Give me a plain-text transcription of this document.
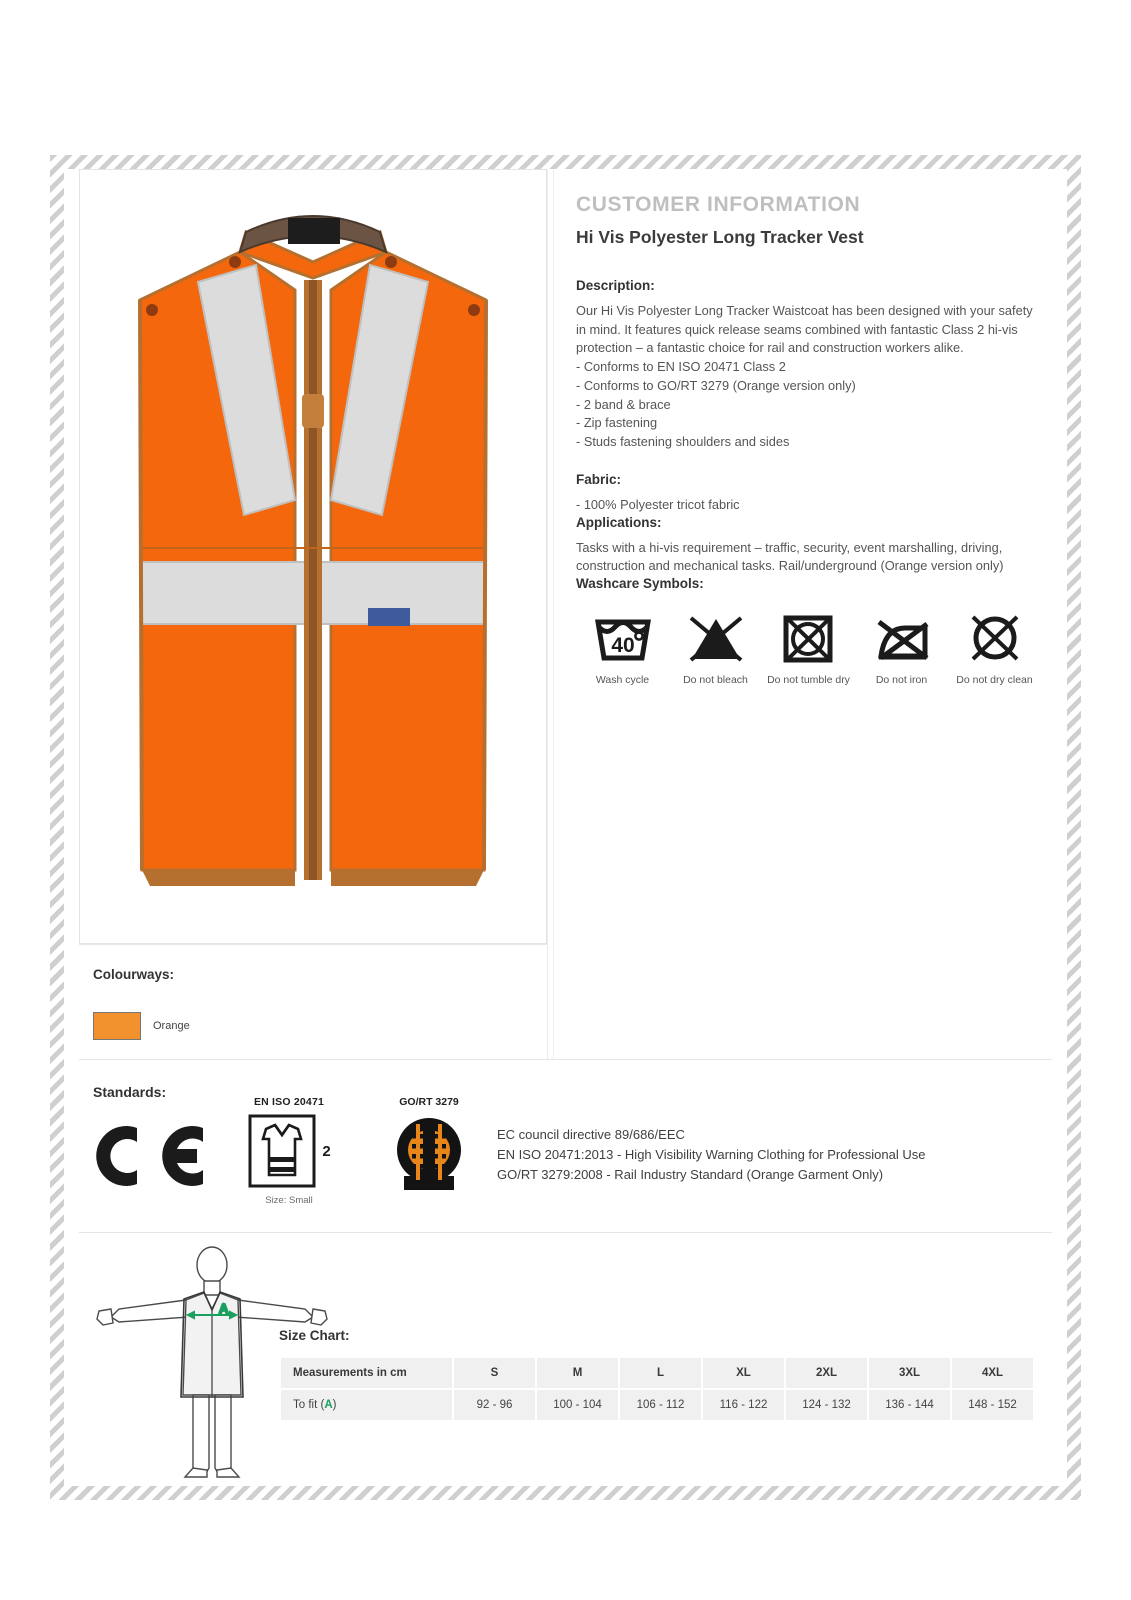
CUSTOMER INFORMATION
Hi Vis Polyester Long Tracker Vest
Description:

Our Hi Vis Polyester Long Tracker Waistcoat has been designed with your safety in mind. It features quick release seams combined with fantastic Class 2 hi-vis protection – a fantastic choice for rail and construction workers alike.

- Conforms to EN ISO 20471 Class 2
- Conforms to GO/RT 3279 (Orange version only)
- 2 band & brace
- Zip fastening
- Studs fastening shoulders and sides
Fabric:

- 100% Polyester tricot fabric

Applications:

Tasks with a hi-vis requirement – traffic, security, event marshalling, driving, construction and mechanical tasks. Rail/underground (Orange version only)

Washcare Symbols:
40
Wash cycle	Do not bleach	Do not tumble dry	Do not iron	Do not dry clean
Colourways:
Orange
Standards:
EN ISO 20471
2
Size: Small
GO/RT 3279
EC council directive 89/686/EEC
EN ISO 20471:2013 - High Visibility Warning Clothing for Professional Use
GO/RT 3279:2008 - Rail Industry Standard (Orange Garment Only)
A
Size Chart:
Measurements in cm	S	M	L	XL	2XL	3XL	4XL
To fit (A)	92 - 96	100 - 104	106 - 112	116 - 122	124 - 132	136 - 144	148 - 152
